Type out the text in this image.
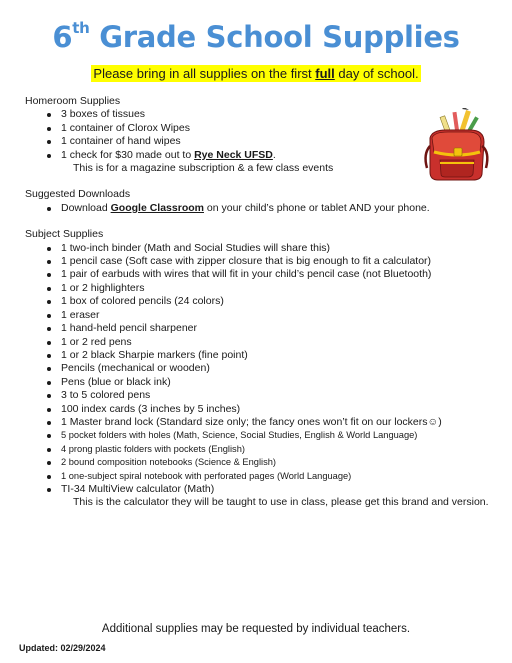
6th Grade School Supplies
Please bring in all supplies on the first full day of school.

Homeroom Supplies

3 boxes of tissues
1 container of Clorox Wipes
1 container of hand wipes
1 check for $30 made out to Rye Neck UFSD.

This is for a magazine subscription & a few class events

Suggested Downloads

Download Google Classroom on your child’s phone or tablet AND your phone.

Subject Supplies

1 two-inch binder (Math and Social Studies will share this)
1 pencil case (Soft case with zipper closure that is big enough to fit a calculator)
1 pair of earbuds with wires that will fit in your child’s pencil case (not Bluetooth)
1 or 2 highlighters
1 box of colored pencils (24 colors)
1 eraser
1 hand-held pencil sharpener
1 or 2 red pens
1 or 2 black Sharpie markers (fine point)
Pencils (mechanical or wooden)
Pens (blue or black ink)
3 to 5 colored pens
100 index cards (3 inches by 5 inches)
1 Master brand lock (Standard size only; the fancy ones won’t fit on our lockers☺)
5 pocket folders with holes (Math, Science, Social Studies, English & World Language)
4 prong plastic folders with pockets (English)
2 bound composition notebooks (Science & English)
1 one-subject spiral notebook with perforated pages (World Language)
TI-34 MultiView calculator (Math)

This is the calculator they will be taught to use in class, please get this brand and version.

Additional supplies may be requested by individual teachers.
Updated: 02/29/2024
